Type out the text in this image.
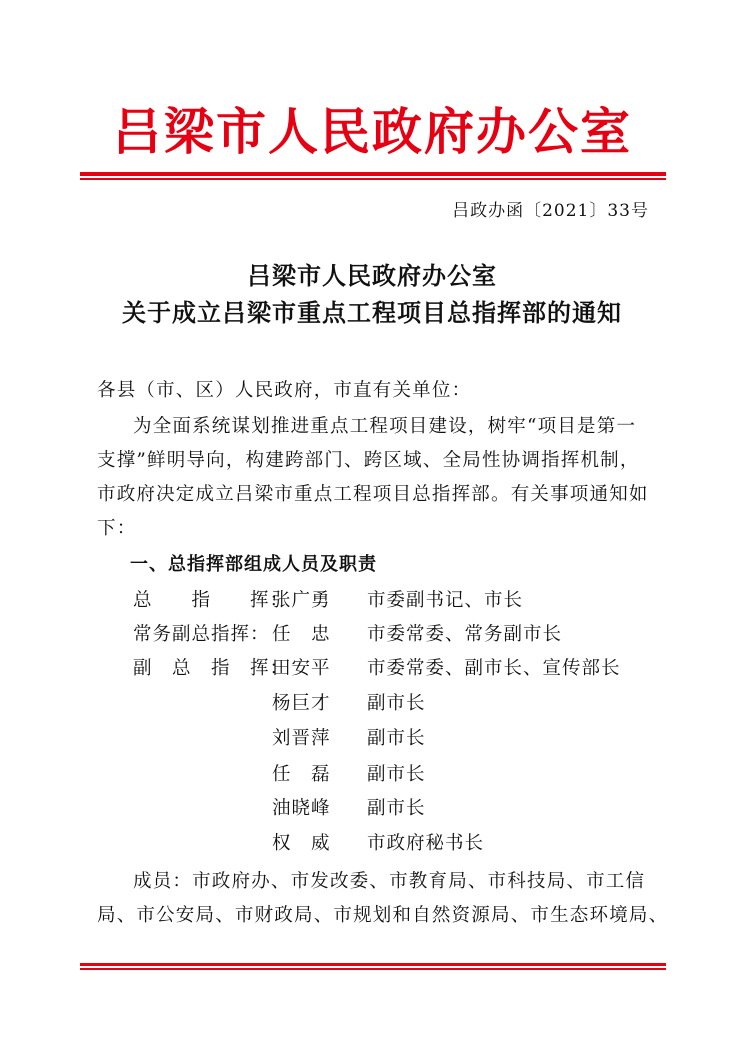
吕梁市人民政府办公室
吕政办函〔2021〕33号
吕梁市人民政府办公室
关于成立吕梁市重点工程项目总指挥部的通知
各县（市、区）人民政府，市直有关单位：
为全面系统谋划推进重点工程项目建设，树牢“项目是第一
支撑”鲜明导向，构建跨部门、跨区域、全局性协调指挥机制，
市政府决定成立吕梁市重点工程项目总指挥部。有关事项通知如
下：
一、总指挥部组成人员及职责
总　　指　　挥：
张广勇 市委副书记、市长
常务副总指挥： 任　忠 市委常委、常务副市长
副　总　指　挥：
田安平 市委常委、副市长、宣传部长
杨巨才 副市长
刘晋萍 副市长
任　磊 副市长
油晓峰 副市长
权　威 市政府秘书长
成员：市政府办、市发改委、市教育局、市科技局、市工信
局、市公安局、市财政局、市规划和自然资源局、市生态环境局、
